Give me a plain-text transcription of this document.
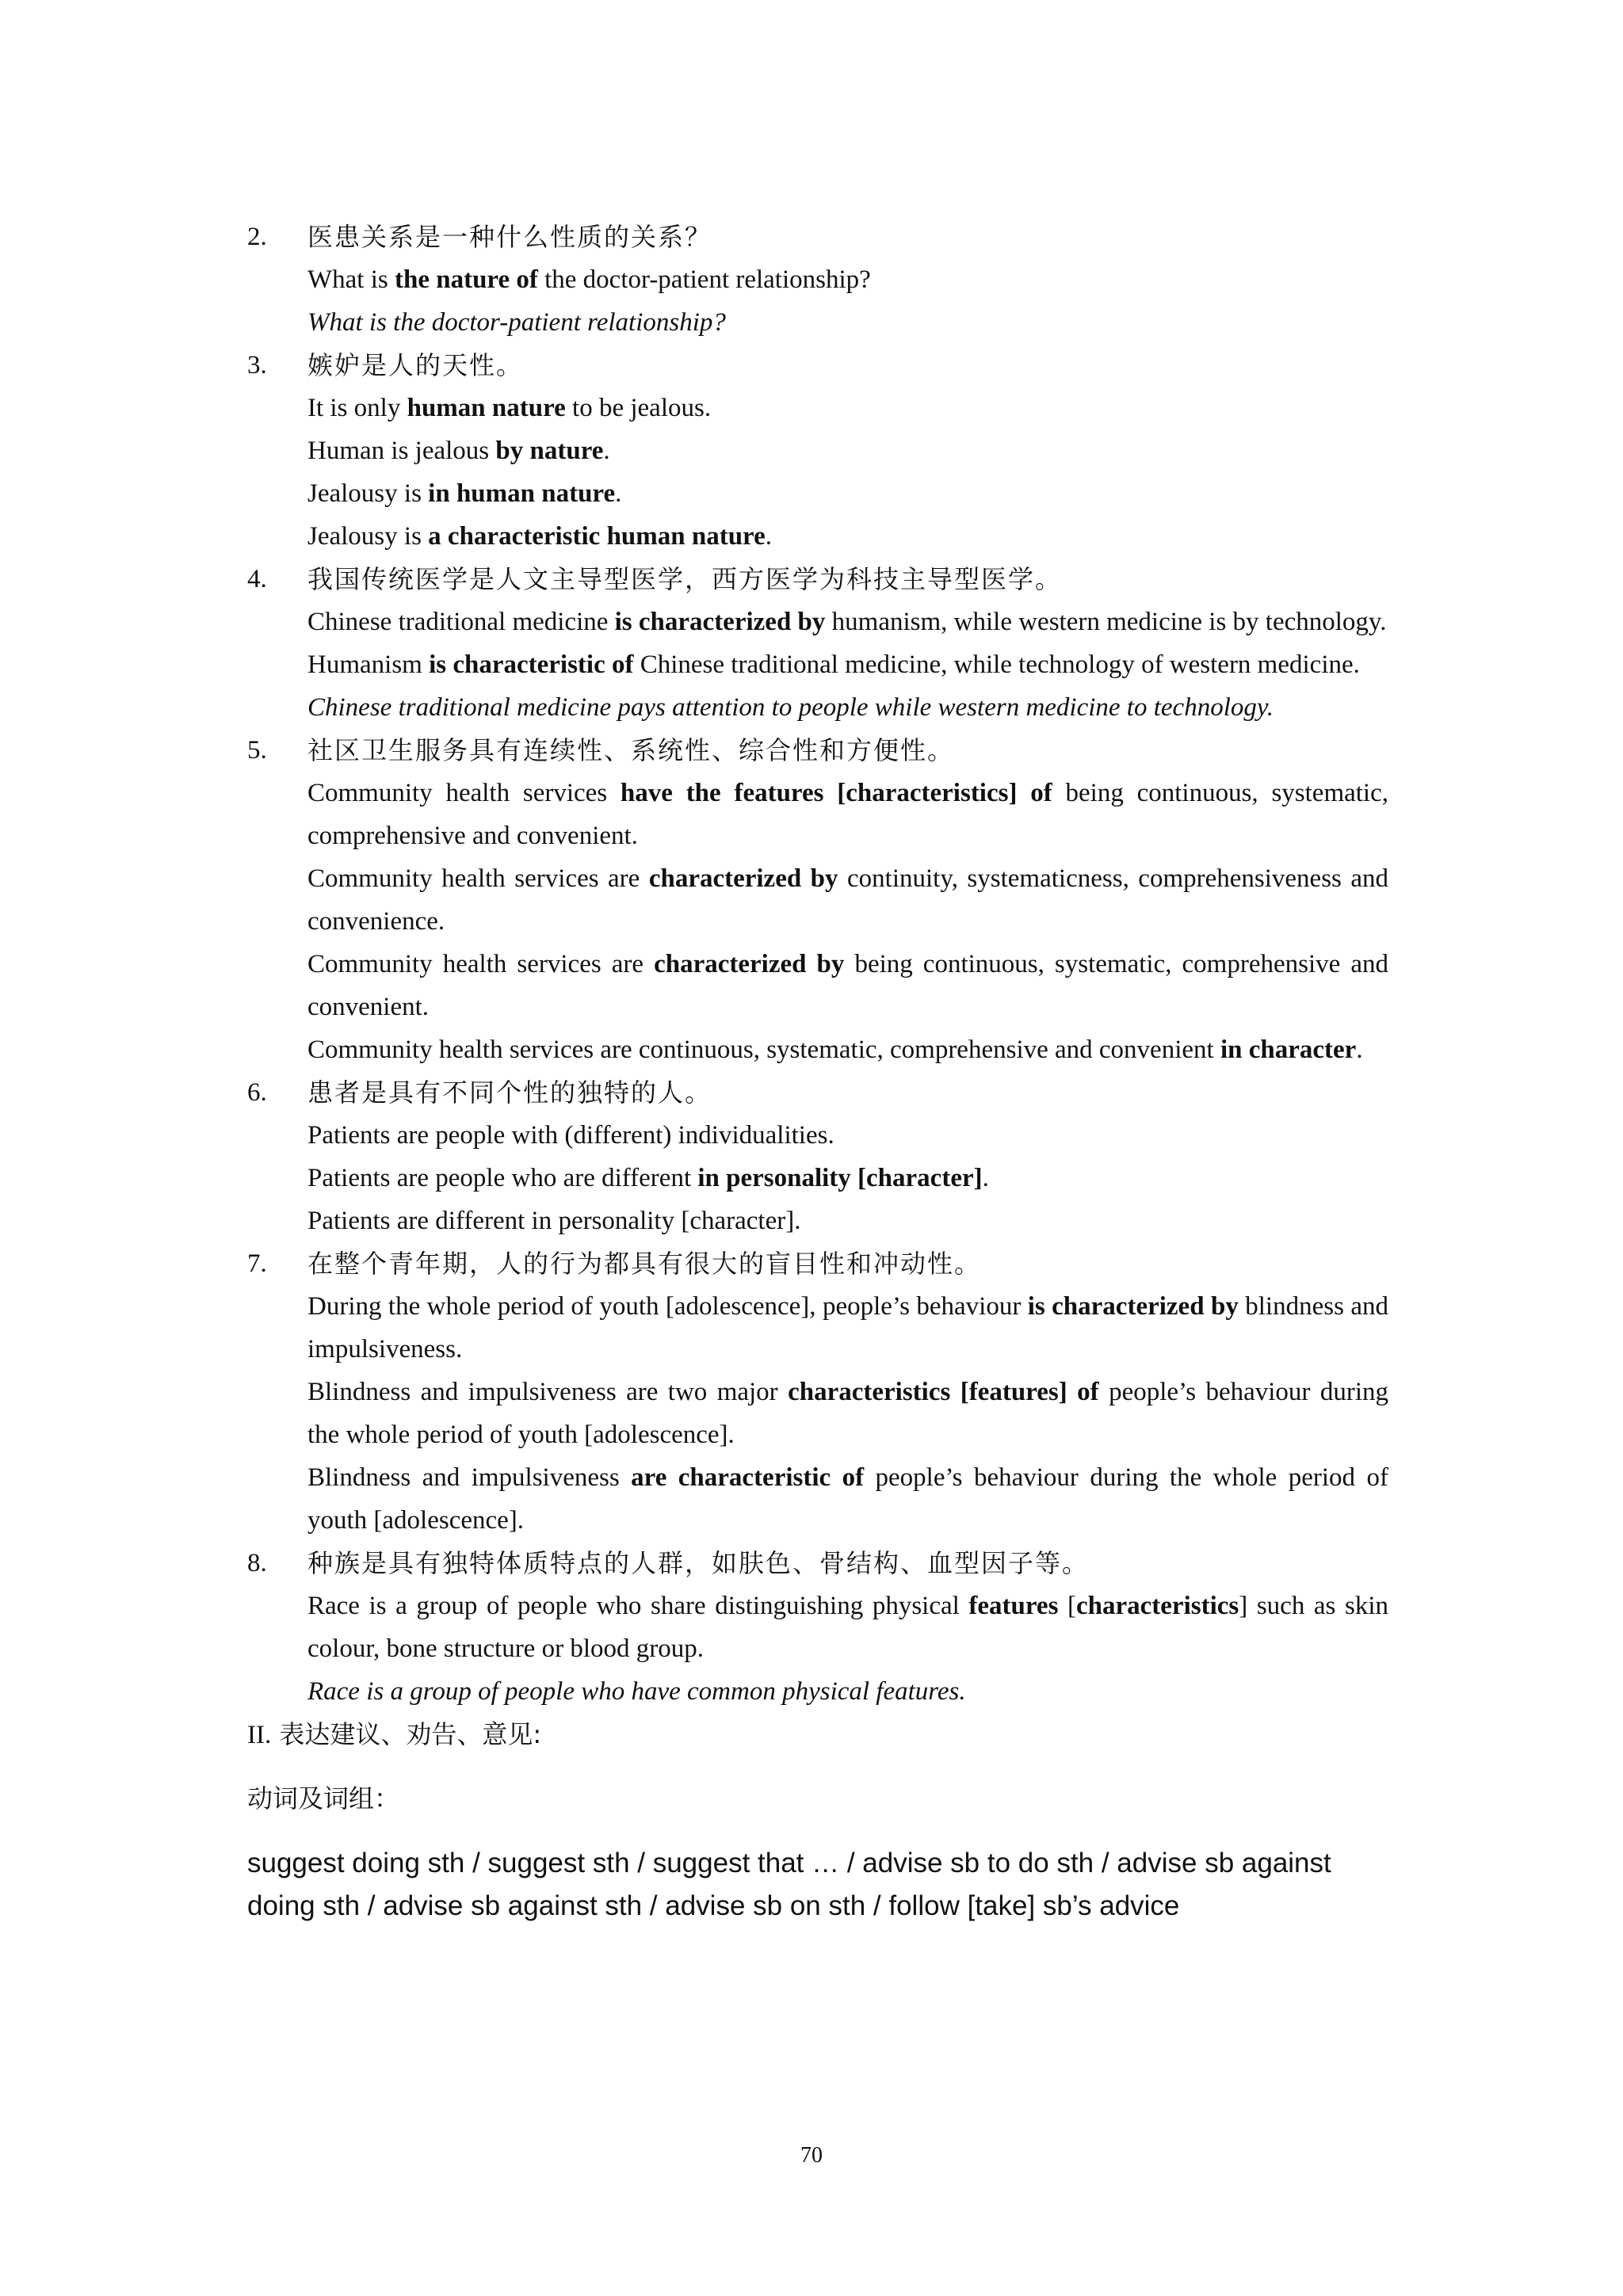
2.	医患关系是一种什么性质的关系？
What is the nature of the doctor-patient relationship?
What is the doctor-patient relationship?
3.	嫉妒是人的天性。
It is only human nature to be jealous.
Human is jealous by nature.
Jealousy is in human nature.
Jealousy is a characteristic human nature.
4.	我国传统医学是人文主导型医学，西方医学为科技主导型医学。
Chinese traditional medicine is characterized by humanism, while western medicine is by technology.
Humanism is characteristic of Chinese traditional medicine, while technology of western medicine.
Chinese traditional medicine pays attention to people while western medicine to technology.
5.	社区卫生服务具有连续性、系统性、综合性和方便性。
Community health services have the features [characteristics] of being continuous, systematic, comprehensive and convenient.
Community health services are characterized by continuity, systematicness, comprehensiveness and convenience.
Community health services are characterized by being continuous, systematic, comprehensive and convenient.
Community health services are continuous, systematic, comprehensive and convenient in character.
6.	患者是具有不同个性的独特的人。
Patients are people with (different) individualities.
Patients are people who are different in personality [character].
Patients are different in personality [character].
7.	在整个青年期，人的行为都具有很大的盲目性和冲动性。
During the whole period of youth [adolescence], people’s behaviour is characterized by blindness and impulsiveness.
Blindness and impulsiveness are two major characteristics [features] of people’s behaviour during the whole period of youth [adolescence].
Blindness and impulsiveness are characteristic of people’s behaviour during the whole period of youth [adolescence].
8.	种族是具有独特体质特点的人群，如肤色、骨结构、血型因子等。
Race is a group of people who share distinguishing physical features [characteristics] such as skin colour, bone structure or blood group.
Race is a group of people who have common physical features.
II. 表达建议、劝告、意见:
动词及词组：
suggest doing sth / suggest sth / suggest that … / advise sb to do sth / advise sb against doing sth / advise sb against sth / advise sb on sth / follow [take] sb’s advice
70
